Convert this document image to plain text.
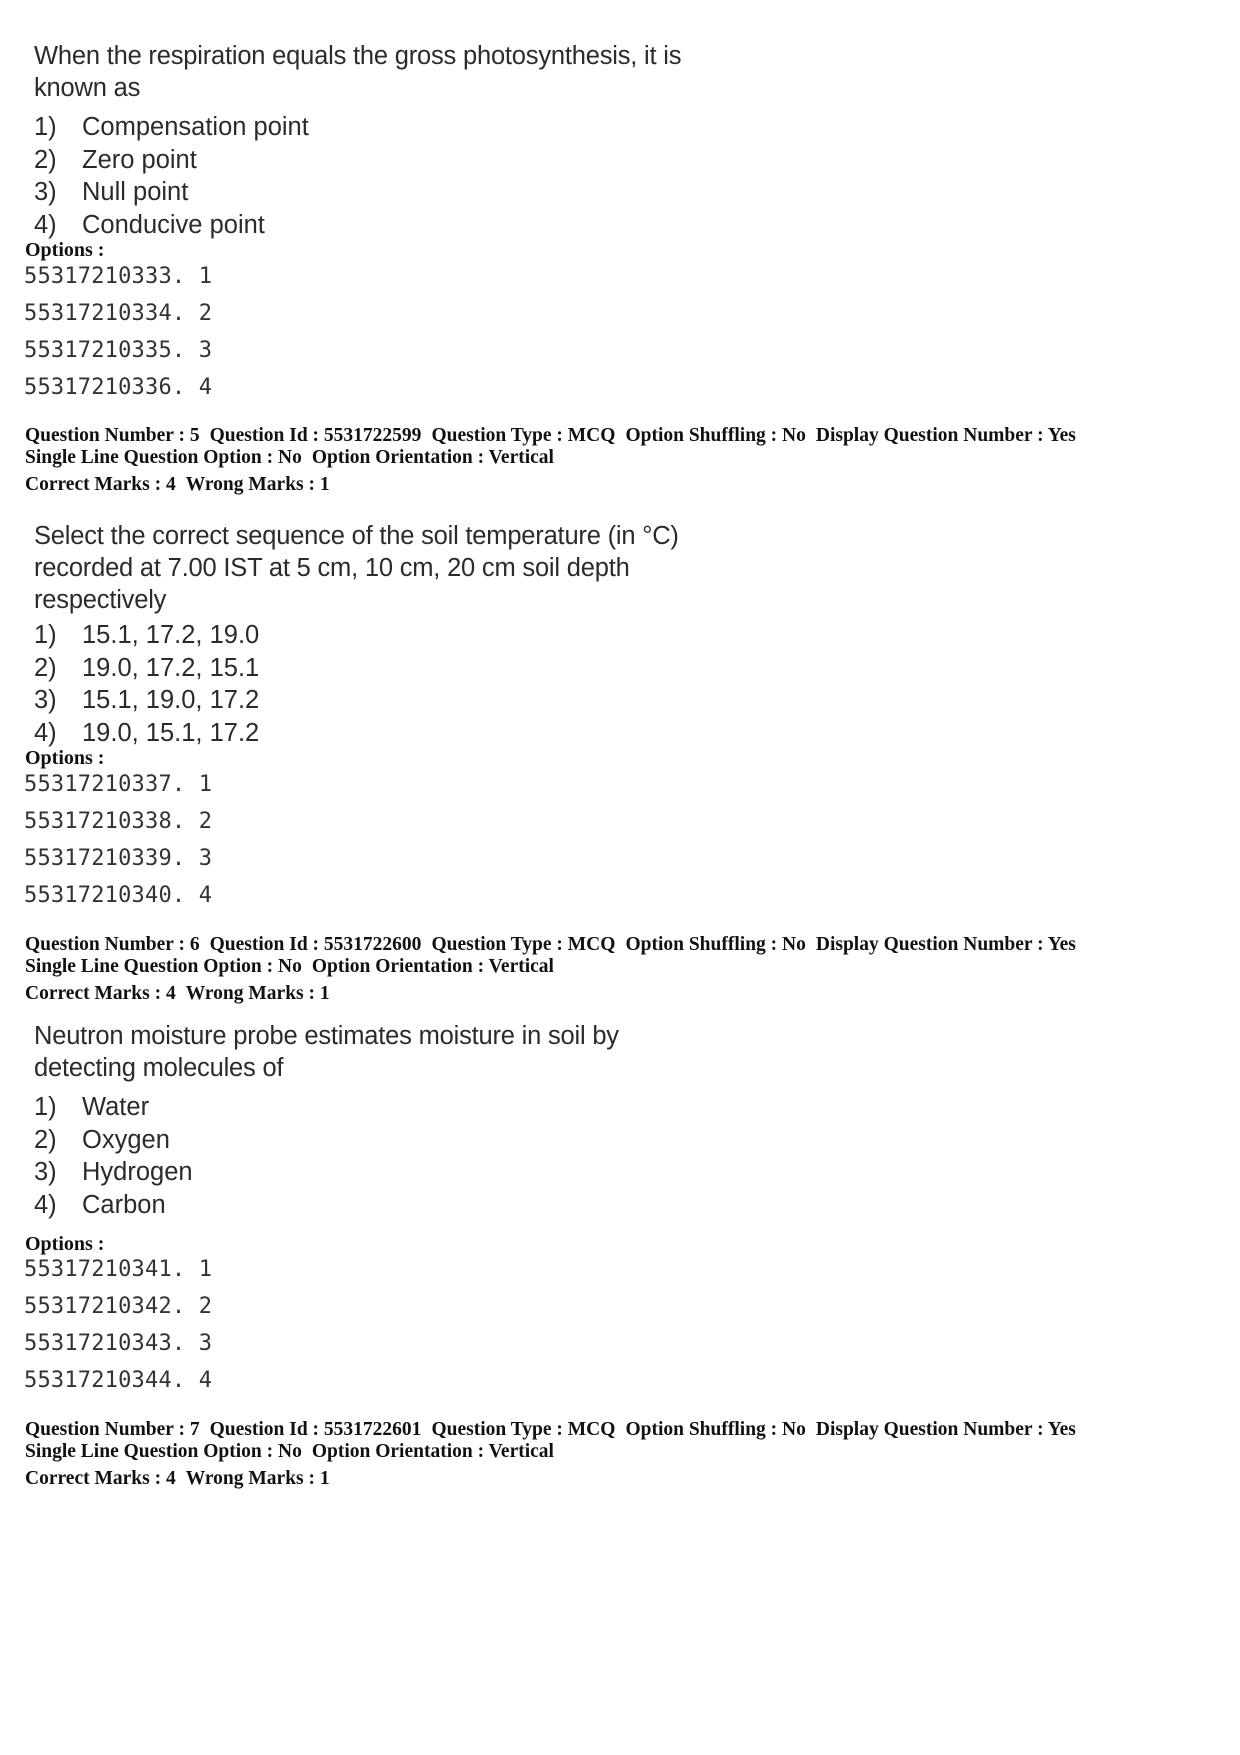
When the respiration equals the gross photosynthesis, it is
known as
1) Compensation point
2) Zero point
3) Null point
4) Conducive point
Options :
55317210333. 1
55317210334. 2
55317210335. 3
55317210336. 4
Question Number : 5 Question Id : 5531722599 Question Type : MCQ Option Shuffling : No Display Question Number : Yes
Single Line Question Option : No Option Orientation : Vertical
Correct Marks : 4 Wrong Marks : 1
Select the correct sequence of the soil temperature (in °C)
recorded at 7.00 IST at 5 cm, 10 cm, 20 cm soil depth
respectively
1) 15.1, 17.2, 19.0
2) 19.0, 17.2, 15.1
3) 15.1, 19.0, 17.2
4) 19.0, 15.1, 17.2
Options :
55317210337. 1
55317210338. 2
55317210339. 3
55317210340. 4
Question Number : 6 Question Id : 5531722600 Question Type : MCQ Option Shuffling : No Display Question Number : Yes
Single Line Question Option : No Option Orientation : Vertical
Correct Marks : 4 Wrong Marks : 1
Neutron moisture probe estimates moisture in soil by
detecting molecules of
1) Water
2) Oxygen
3) Hydrogen
4) Carbon
Options :
55317210341. 1
55317210342. 2
55317210343. 3
55317210344. 4
Question Number : 7 Question Id : 5531722601 Question Type : MCQ Option Shuffling : No Display Question Number : Yes
Single Line Question Option : No Option Orientation : Vertical
Correct Marks : 4 Wrong Marks : 1
